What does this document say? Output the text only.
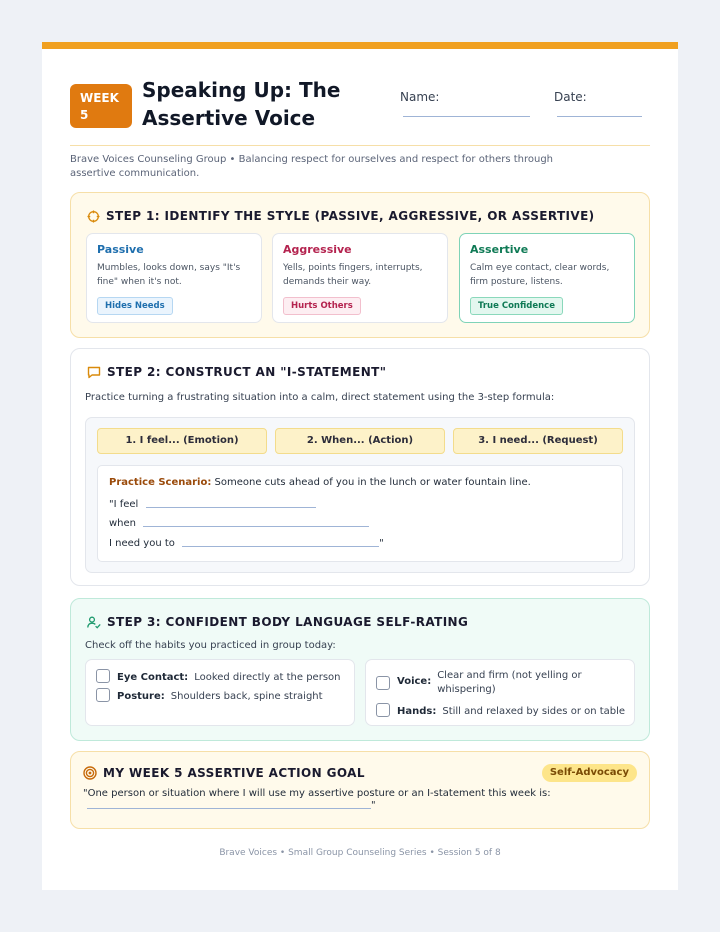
WEEK 5
Speaking Up: The Assertive Voice
Name:	Date:
Brave Voices Counseling Group • Balancing respect for ourselves and respect for others through assertive communication.
STEP 1: IDENTIFY THE STYLE (PASSIVE, AGGRESSIVE, OR ASSERTIVE)
Passive
Mumbles, looks down, says "It's fine" when it's not.
Hides Needs
Aggressive
Yells, points fingers, interrupts, demands their way.
Hurts Others
Assertive
Calm eye contact, clear words, firm posture, listens.
True Confidence
STEP 2: CONSTRUCT AN "I-STATEMENT"
Practice turning a frustrating situation into a calm, direct statement using the 3-step formula:
1. I feel... (Emotion)	2. When... (Action)	3. I need... (Request)
Practice Scenario: Someone cuts ahead of you in the lunch or water fountain line.
"I feel
when
I need you to	"
STEP 3: CONFIDENT BODY LANGUAGE SELF-RATING
Check off the habits you practiced in group today:
Eye Contact: Looked directly at the person
Posture: Shoulders back, spine straight
Voice:Clear and firm (not yelling or
whispering)
Hands: Still and relaxed by sides or on table
MY WEEK 5 ASSERTIVE ACTION GOAL	Self-Advocacy
"One person or situation where I will use my assertive posture or an I-statement this week is:
"
Brave Voices • Small Group Counseling Series • Session 5 of 8
